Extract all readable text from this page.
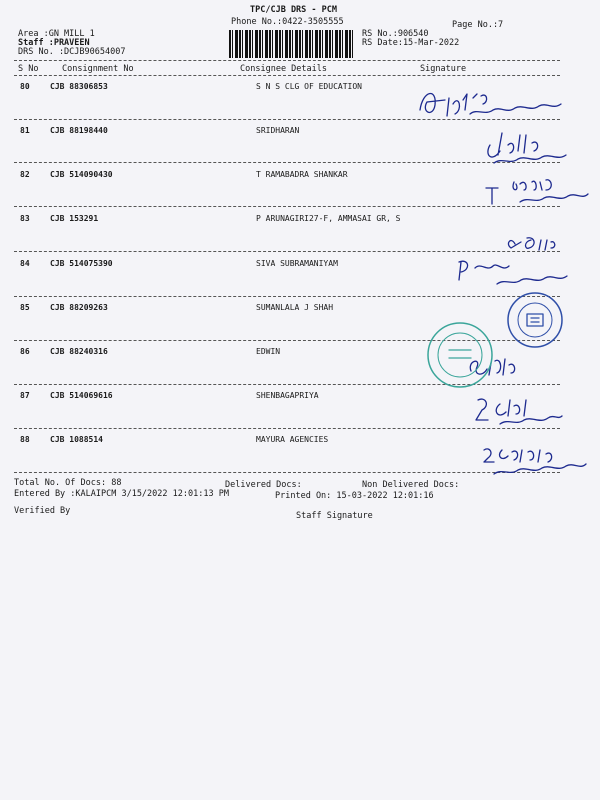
TPC/CJB DRS - PCM
Phone No.:0422-3505555
Area :GN MILL 1
Staff :PRAVEEN
DRS No. :DCJB90654007
RS No.:906540
RS Date:15-Mar-2022
Page No.:7
S No	Consignment No	Consignee Details	Signature
80	CJB 88306853	S N S CLG OF EDUCATION
81	CJB 88198440	SRIDHARAN
82	CJB 514090430	T RAMABADRA SHANKAR
83	CJB 153291	P ARUNAGIRI27-F, AMMASAI GR, S
84	CJB 514075390	SIVA SUBRAMANIYAM
85	CJB 88209263	SUMANLALA J SHAH
86	CJB 88240316	EDWIN
87	CJB 514069616	SHENBAGAPRIYA
88	CJB 1088514	MAYURA AGENCIES
Total No. Of Docs: 88	Delivered Docs:	Non Delivered Docs:
Entered By :KALAIPCM 3/15/2022 12:01:13 PM	Printed On: 15-03-2022 12:01:16
Verified By	Staff Signature
